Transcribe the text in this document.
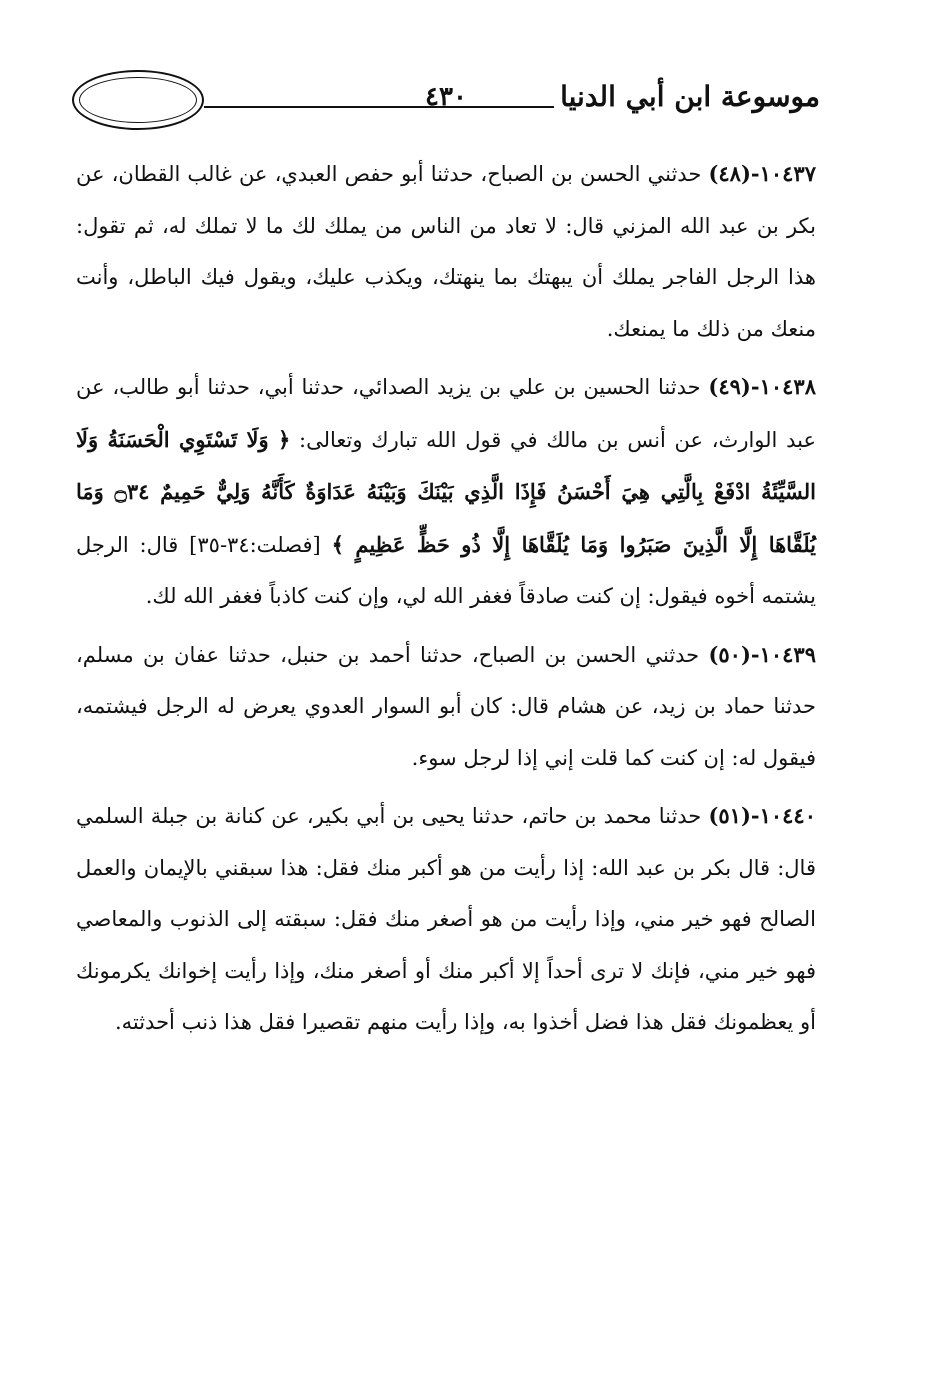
٤٣٠	موسوعة ابن أبي الدنيا

١٠٤٣٧-(٤٨) حدثني الحسن بن الصباح، حدثنا أبو حفص العبدي، عن غالب القطان، عن بكر بن عبد الله المزني قال: لا تعاد من الناس من يملك لك ما لا تملك له، ثم تقول: هذا الرجل الفاجر يملك أن يبهتك بما ينهتك، ويكذب عليك، ويقول فيك الباطل، وأنت منعك من ذلك ما يمنعك.

١٠٤٣٨-(٤٩) حدثنا الحسين بن علي بن يزيد الصدائي، حدثنا أبي، حدثنا أبو طالب، عن عبد الوارث، عن أنس بن مالك في قول الله تبارك وتعالى: ﴿ وَلَا تَسْتَوِي الْحَسَنَةُ وَلَا السَّيِّئَةُ ادْفَعْ بِالَّتِي هِيَ أَحْسَنُ فَإِذَا الَّذِي بَيْنَكَ وَبَيْنَهُ عَدَاوَةٌ كَأَنَّهُ وَلِيٌّ حَمِيمٌ ۝٣٤ وَمَا يُلَقَّاهَا إِلَّا الَّذِينَ صَبَرُوا وَمَا يُلَقَّاهَا إِلَّا ذُو حَظٍّ عَظِيمٍ ﴾ [فصلت:٣٤-٣٥] قال: الرجل يشتمه أخوه فيقول: إن كنت صادقاً فغفر الله لي، وإن كنت كاذباً فغفر الله لك.

١٠٤٣٩-(٥٠) حدثني الحسن بن الصباح، حدثنا أحمد بن حنبل، حدثنا عفان بن مسلم، حدثنا حماد بن زيد، عن هشام قال: كان أبو السوار العدوي يعرض له الرجل فيشتمه، فيقول له: إن كنت كما قلت إني إذا لرجل سوء.

١٠٤٤٠-(٥١) حدثنا محمد بن حاتم، حدثنا يحيى بن أبي بكير، عن كنانة بن جبلة السلمي قال: قال بكر بن عبد الله: إذا رأيت من هو أكبر منك فقل: هذا سبقني بالإيمان والعمل الصالح فهو خير مني، وإذا رأيت من هو أصغر منك فقل: سبقته إلى الذنوب والمعاصي فهو خير مني، فإنك لا ترى أحداً إلا أكبر منك أو أصغر منك، وإذا رأيت إخوانك يكرمونك أو يعظمونك فقل هذا فضل أخذوا به، وإذا رأيت منهم تقصيرا فقل هذا ذنب أحدثته.
